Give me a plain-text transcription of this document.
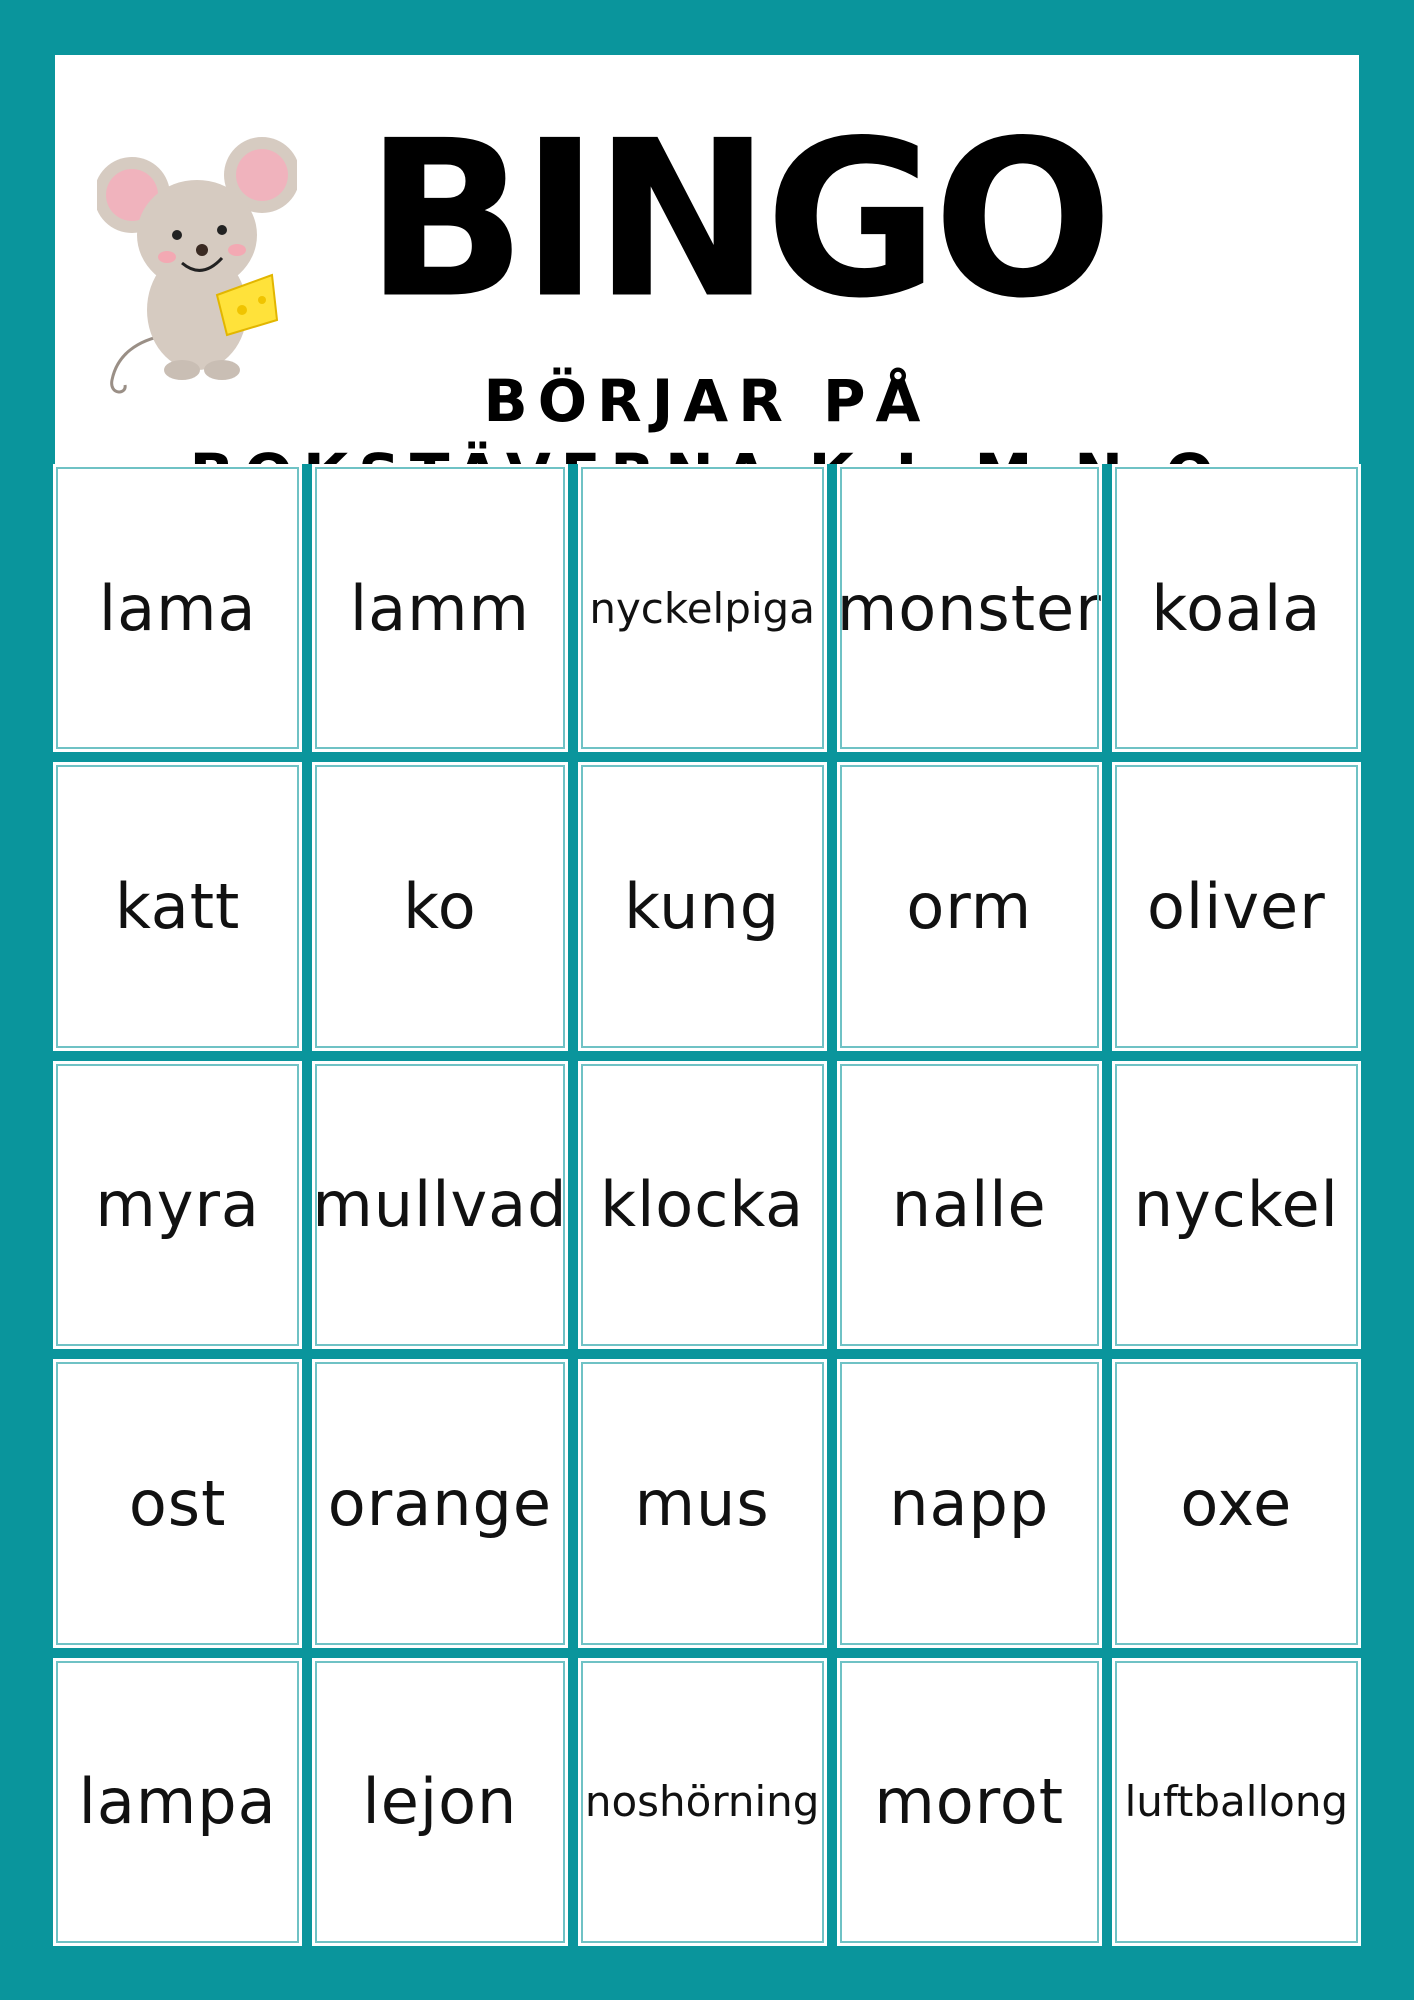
BINGO
BÖRJAR PÅ
lama lamm nyckelpiga monster koala
katt	ko kung orm oliver
myra mullvad klocka nalle nyckel
ost orange mus napp oxe
lampa lejon noshörning morot luftballong
